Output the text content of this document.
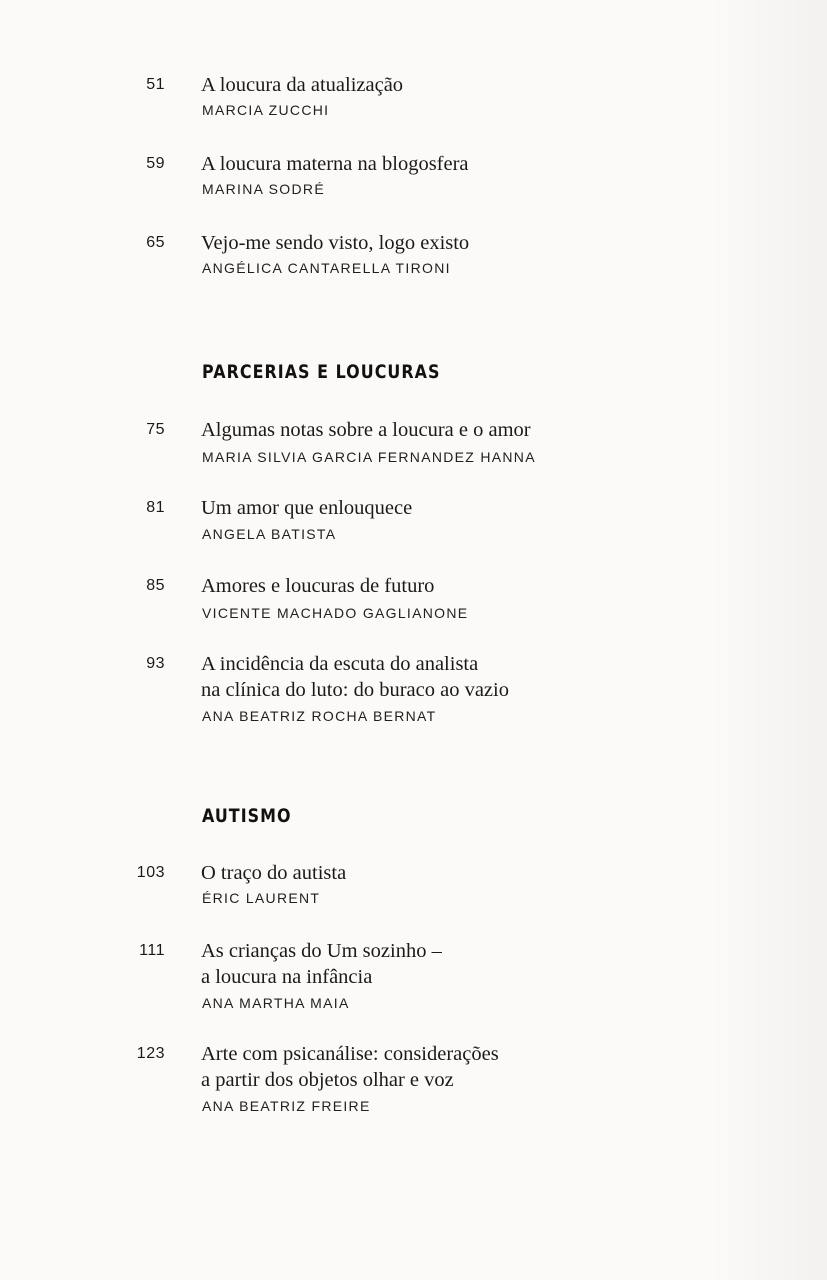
51 A loucura da atualização
MARCIA ZUCCHI
59 A loucura materna na blogosfera
MARINA SODRÉ
65 Vejo-me sendo visto, logo existo
ANGÉLICA CANTARELLA TIRONI
PARCERIAS E LOUCURAS
75 Algumas notas sobre a loucura e o amor
MARIA SILVIA GARCIA FERNANDEZ HANNA
81 Um amor que enlouquece
ANGELA BATISTA
85 Amores e loucuras de futuro
VICENTE MACHADO GAGLIANONE
93 A incidência da escuta do analista
na clínica do luto: do buraco ao vazio
ANA BEATRIZ ROCHA BERNAT
AUTISMO
103 O traço do autista
ÉRIC LAURENT
111 As crianças do Um sozinho –
a loucura na infância
ANA MARTHA MAIA
123 Arte com psicanálise: considerações
a partir dos objetos olhar e voz
ANA BEATRIZ FREIRE
